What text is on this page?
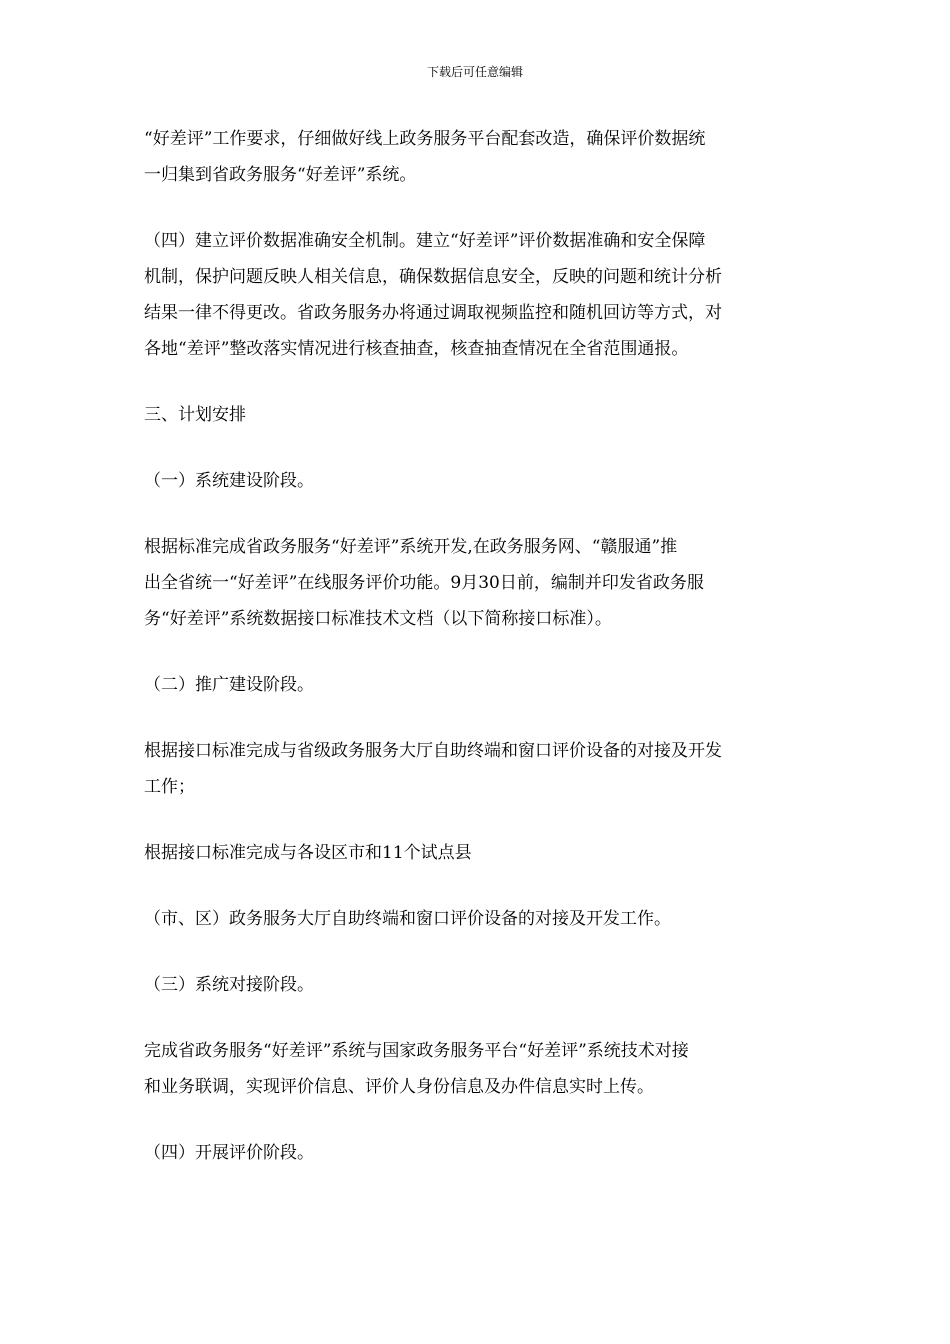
下载后可任意编辑

“好差评”工作要求，仔细做好线上政务服务平台配套改造，确保评价数据统
一归集到省政务服务“好差评”系统。

（四）建立评价数据准确安全机制。建立“好差评”评价数据准确和安全保障
机制，保护问题反映人相关信息，确保数据信息安全，反映的问题和统计分析
结果一律不得更改。省政务服务办将通过调取视频监控和随机回访等方式，对
各地“差评”整改落实情况进行核查抽查，核查抽查情况在全省范围通报。

三、计划安排

（一）系统建设阶段。

根据标准完成省政务服务“好差评”系统开发,在政务服务网、“赣服通”推
出全省统一“好差评”在线服务评价功能。9月30日前，编制并印发省政务服
务“好差评”系统数据接口标准技术文档（以下简称接口标准）。

（二）推广建设阶段。

根据接口标准完成与省级政务服务大厅自助终端和窗口评价设备的对接及开发
工作；

根据接口标准完成与各设区市和11个试点县

（市、区）政务服务大厅自助终端和窗口评价设备的对接及开发工作。

（三）系统对接阶段。

完成省政务服务“好差评”系统与国家政务服务平台“好差评”系统技术对接
和业务联调，实现评价信息、评价人身份信息及办件信息实时上传。

（四）开展评价阶段。
